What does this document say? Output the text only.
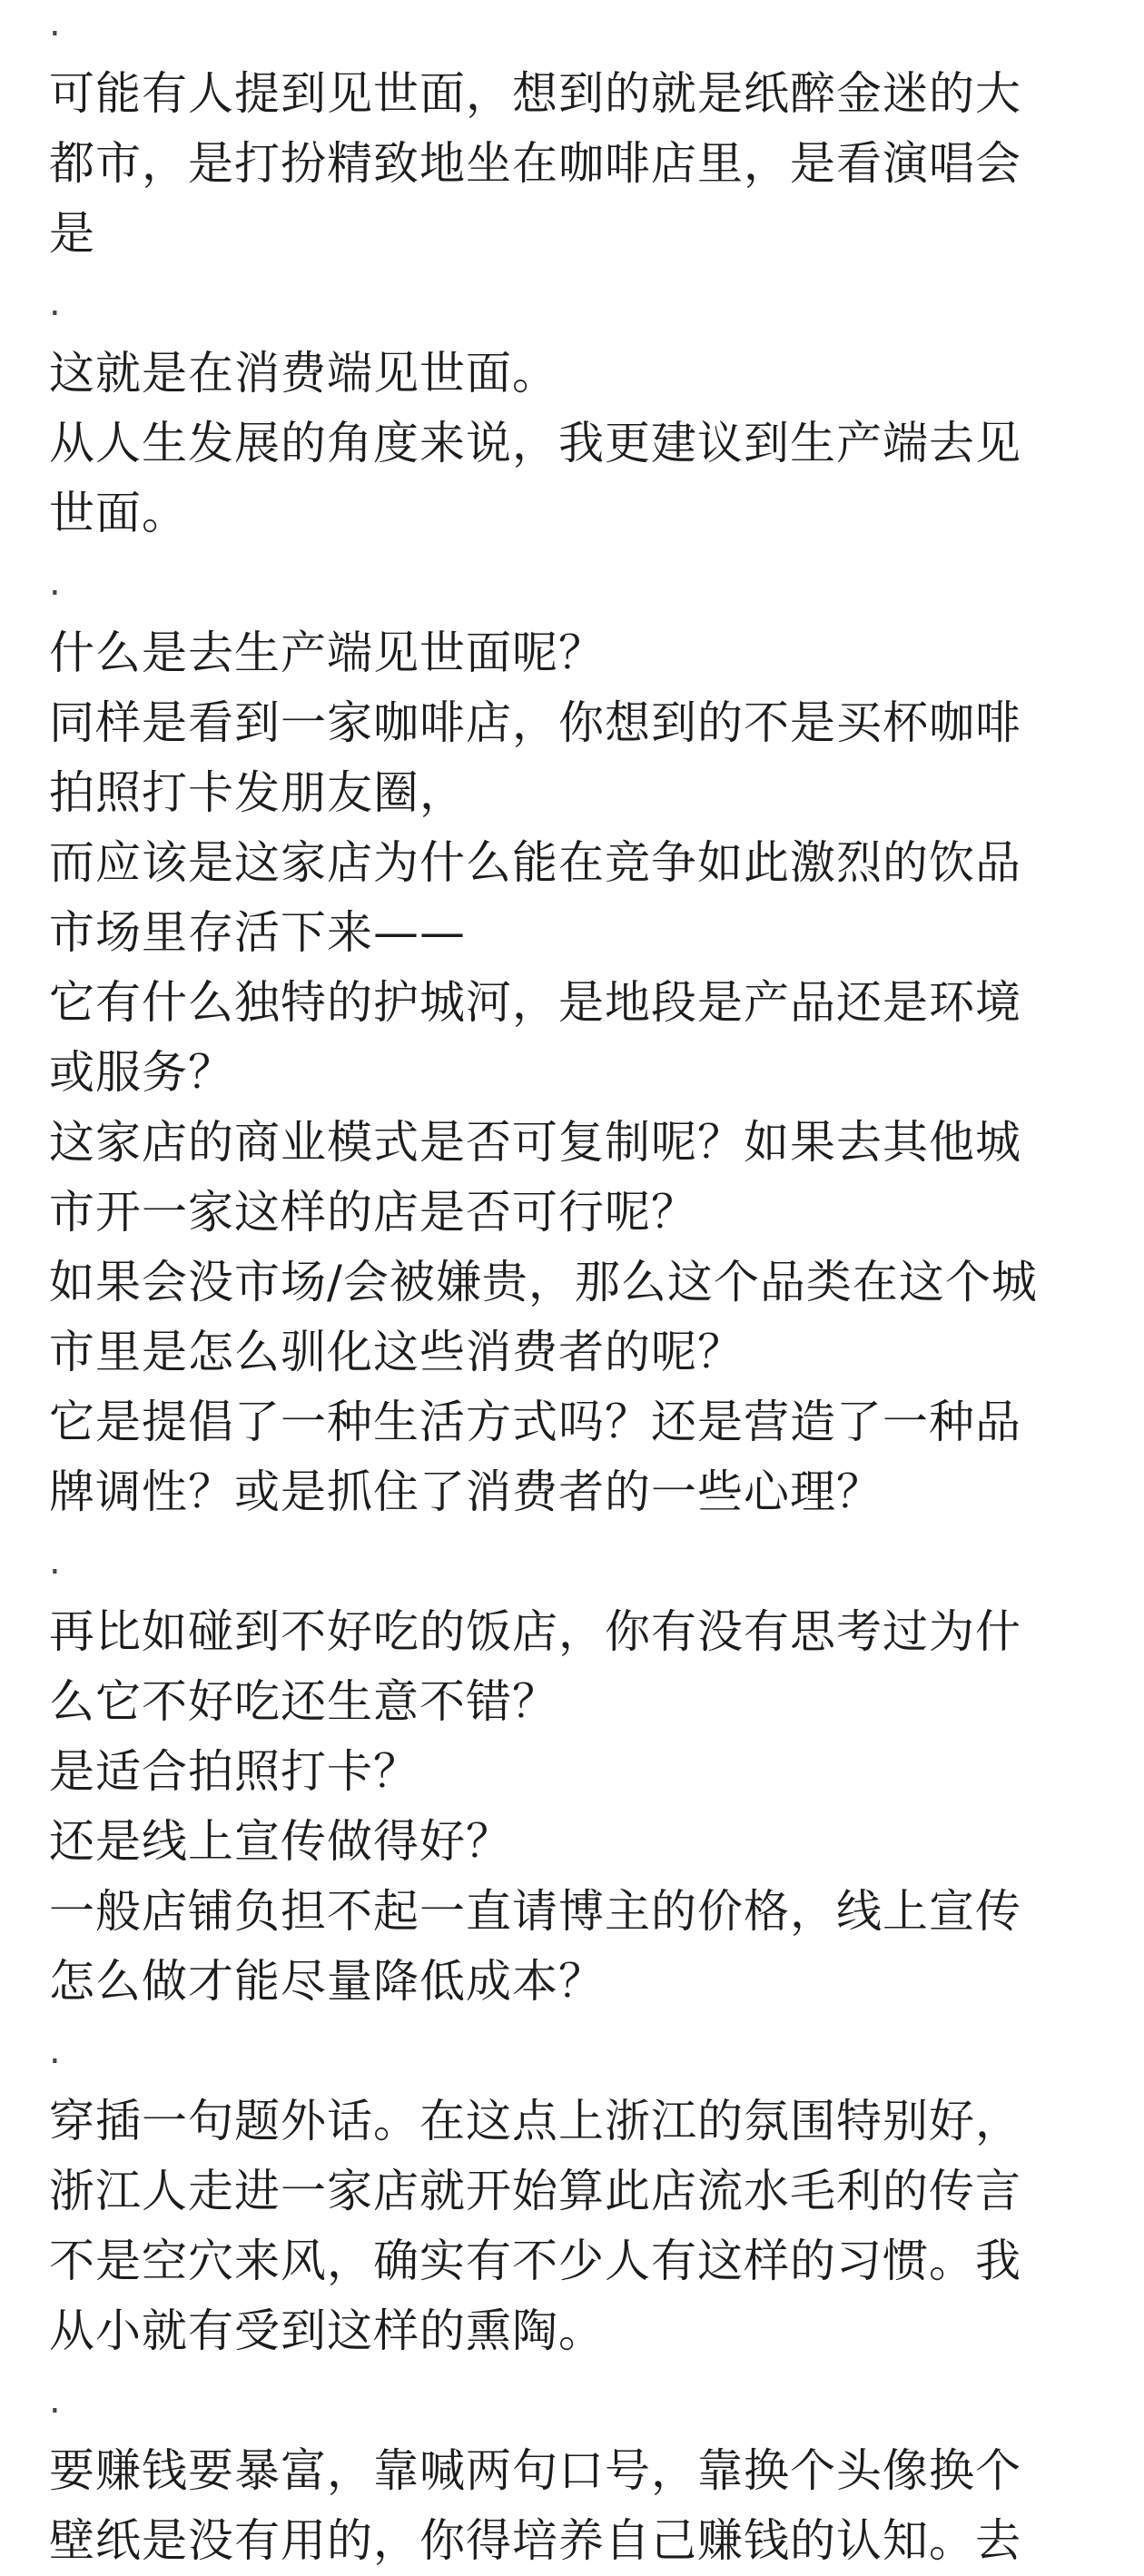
.
可能有人提到见世面，想到的就是纸醉金迷的大
都市，是打扮精致地坐在咖啡店里，是看演唱会
是
.
这就是在消费端见世面。
从人生发展的角度来说，我更建议到生产端去见
世面。
.
什么是去生产端见世面呢？
同样是看到一家咖啡店，你想到的不是买杯咖啡
拍照打卡发朋友圈，
而应该是这家店为什么能在竞争如此激烈的饮品
市场里存活下来——
它有什么独特的护城河，是地段是产品还是环境
或服务？
这家店的商业模式是否可复制呢？如果去其他城
市开一家这样的店是否可行呢？
如果会没市场/会被嫌贵，那么这个品类在这个城
市里是怎么驯化这些消费者的呢？
它是提倡了一种生活方式吗？还是营造了一种品
牌调性？或是抓住了消费者的一些心理？
.
再比如碰到不好吃的饭店，你有没有思考过为什
么它不好吃还生意不错？
是适合拍照打卡？
还是线上宣传做得好？
一般店铺负担不起一直请博主的价格，线上宣传
怎么做才能尽量降低成本？
.
穿插一句题外话。在这点上浙江的氛围特别好，
浙江人走进一家店就开始算此店流水毛利的传言
不是空穴来风，确实有不少人有这样的习惯。我
从小就有受到这样的熏陶。
.
要赚钱要暴富，靠喊两句口号，靠换个头像换个
壁纸是没有用的，你得培养自己赚钱的认知。去
